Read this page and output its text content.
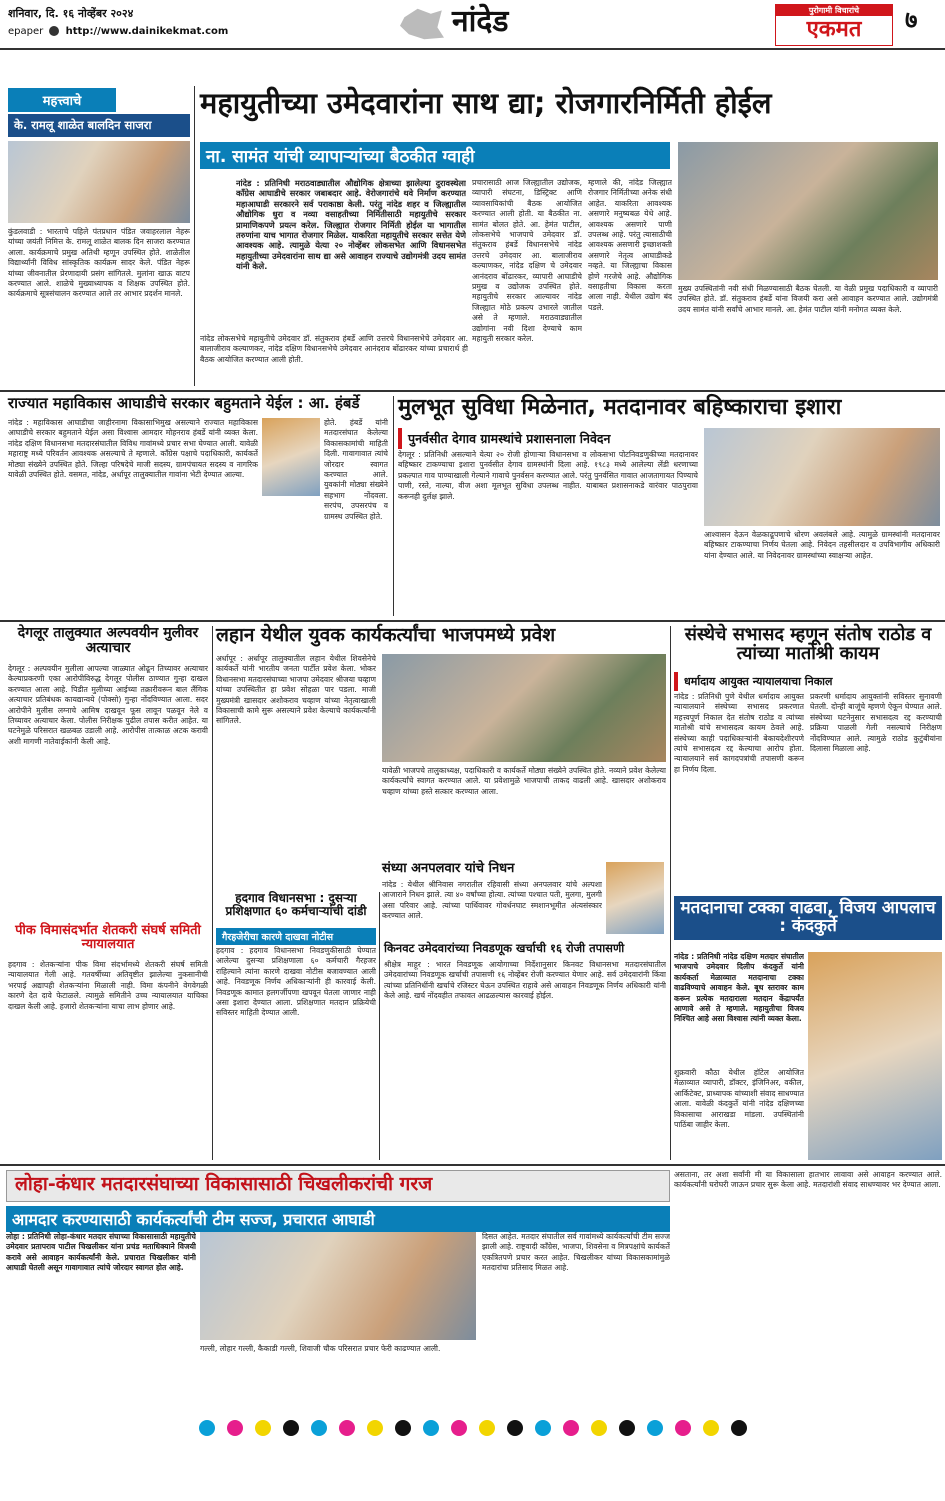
शनिवार, दि. १६ नोव्हेंबर २०२४
epaper http://www.dainikekmat.com	नांदेड	पुरोगामी विचारांचे
एकमत	७
महत्त्वाचे
के. रामलू शाळेत बालदिन साजरा
कुंडलवाडी : भारताचे पहिले पंतप्रधान पंडित जवाहरलाल नेहरू यांच्या जयंती निमित्त के. रामलू शाळेत बालक दिन साजरा करण्यात आला. कार्यक्रमाचे प्रमुख अतिथी म्हणून उपस्थित होते. शाळेतील विद्यार्थ्यांनी विविध सांस्कृतिक कार्यक्रम सादर केले. पंडित नेहरू यांच्या जीवनातील प्रेरणादायी प्रसंग सांगितले. मुलांना खाऊ वाटप करण्यात आले. शाळेचे मुख्याध्यापक व शिक्षक उपस्थित होते. कार्यक्रमाचे सूत्रसंचालन करण्यात आले तर आभार प्रदर्शन मानले.
महायुतीच्या उमेदवारांना साथ द्या; रोजगारनिर्मिती होईल
ना. सामंत यांची व्यापाऱ्यांच्या बैठकीत ग्वाही
नांदेड : प्रतिनिधी मराठवाड्यातील औद्योगिक क्षेत्राच्या झालेल्या दुरावस्थेला काँग्रेस आघाडीचे सरकार जबाबदार आहे. वेरोजगारांचे थवे निर्माण करण्यात महाआघाडी सरकारने सर्व पराकाष्ठा केली. परंतु नांदेड शहर व जिल्ह्यातील औद्योगिक धुरा व नव्या वसाहतीच्या निर्मितीसाठी महायुतीचे सरकार प्रामाणिकपणे प्रयत्न करेल. जिल्ह्यात रोजगार निर्मिती होईल या भागातील तरुणांना याच भागात रोजगार मिळेल. याकरिता महायुतीचे सरकार सत्तेत येणे आवश्यक आहे. त्यामुळे येत्या २० नोव्हेंबर लोकसभेत आणि विधानसभेत महायुतीच्या उमेदवारांना साथ द्या असे आवाहन राज्याचे उद्योगमंत्री उदय सामंत यांनी केले.
प्रचारासाठी आज जिल्ह्यातील उद्योजक, व्यापारी संघटना, डिस्ट्रिक्ट आणि व्यावसायिकांची बैठक आयोजित करण्यात आली होती. या बैठकीत ना. सामंत बोलत होते. आ. हेमंत पाटील, लोकसभेचे भाजपाचे उमेदवार डॉ. संतुकराव हंबर्डे विधानसभेचे नांदेड उत्तरचे उमेदवार आ. बालाजीराव कल्याणकर, नांदेड दक्षिण चे उमेदवार आनंदराव बोंढारकर, व्यापारी आघाडीचे प्रमुख व उद्योजक उपस्थित होते. महायुतीचे सरकार आल्यावर नांदेड जिल्ह्यात मोठे प्रकल्प उभारले जातील असे ते म्हणाले. मराठवाड्यातील उद्योगांना नवी दिशा देण्याचे काम महायुती सरकार करेल.
म्हणाले की, नांदेड जिल्ह्यात रोजगार निर्मितीच्या अनेक संधी आहेत. याकरिता आवश्यक असणारे मनुष्यबळ येथे आहे. आवश्यक असणारे पाणी उपलब्ध आहे. परंतु त्यासाठीची आवश्यक असणारी इच्छाशक्ती असणारे नेतृत्व आघाडीकडे नव्हते. या जिल्ह्याचा विकास होणे गरजेचे आहे. औद्योगिक वसाहतीचा विकास करता आला नाही. येथील उद्योग बंद पडले.
नांदेड लोकसभेचे महायुतीचे उमेदवार डॉ. संतुकराव हंबर्डे आणि उत्तरचे विधानसभेचे उमेदवार आ. बालाजीराव कल्याणकर, नांदेड दक्षिण विधानसभेचे उमेदवार आनंदराव बोंढारकर यांच्या प्रचारार्थ ही बैठक आयोजित करण्यात आली होती.
मुख्य उपस्थितांनी नवी संधी मिळण्यासाठी बैठक घेतली. या वेळी प्रमुख पदाधिकारी व व्यापारी उपस्थित होते. डॉ. संतुकराव हंबर्डे यांना विजयी करा असे आवाहन करण्यात आले. उद्योगमंत्री उदय सामंत यांनी सर्वांचे आभार मानले. आ. हेमंत पाटील यांनी मनोगत व्यक्त केले.
राज्यात महाविकास आघाडीचे सरकार बहुमताने येईल : आ. हंबर्डे
नांदेड : महाविकास आघाडीचा जाहीरनामा विकासाभिमुख असल्याने राज्यात महाविकास आघाडीचे सरकार बहुमताने येईल असा विश्वास आमदार मोहनराव हंबर्डे यांनी व्यक्त केला. नांदेड दक्षिण विधानसभा मतदारसंघातील विविध गावांमध्ये प्रचार सभा घेण्यात आली. यावेळी महाराष्ट्र मध्ये परिवर्तन आवश्यक असल्याचे ते म्हणाले. काँग्रेस पक्षाचे पदाधिकारी, कार्यकर्ते मोठ्या संख्येने उपस्थित होते. जिल्हा परिषदेचे माजी सदस्य, ग्रामपंचायत सदस्य व नागरिक यावेळी उपस्थित होते. वसमत, नांदेड, अर्धापूर तालुक्यातील गावांना भेटी देण्यात आल्या.
होते. हंबर्डे यांनी मतदारसंघात केलेल्या विकासकामांची माहिती दिली. गावागावात त्यांचे जोरदार स्वागत करण्यात आले. युवकांनी मोठ्या संख्येने सहभाग नोंदवला. सरपंच, उपसरपंच व ग्रामस्थ उपस्थित होते.
मुलभूत सुविधा मिळेनात, मतदानावर बहिष्काराचा इशारा
पुनर्वसीत देगाव ग्रामस्थांचे प्रशासनाला निवेदन
देगलूर : प्रतिनिधी असल्याने येत्या २० रोजी होणाऱ्या विधानसभा व लोकसभा पोटनिवडणुकीच्या मतदानावर बहिष्कार टाकण्याचा इशारा पुनर्वसीत देगाव ग्रामस्थांनी दिला आहे. १९८३ मध्ये आलेल्या लेंडी धरणाच्या प्रकल्पात गाव पाण्याखाली गेल्याने गावाचे पुनर्वसन करण्यात आले. परंतु पुनर्वसित गावात आजतागायत पिण्याचे पाणी, रस्ते, नाल्या, वीज अशा मूलभूत सुविधा उपलब्ध नाहीत. याबाबत प्रशासनाकडे वारंवार पाठपुरावा करूनही दुर्लक्ष झाले.
आश्वासन देऊन वेळकाढूपणाचे धोरण अवलंबले आहे. त्यामुळे ग्रामस्थांनी मतदानावर बहिष्कार टाकण्याचा निर्णय घेतला आहे. निवेदन तहसीलदार व उपविभागीय अधिकारी यांना देण्यात आले. या निवेदनावर ग्रामस्थांच्या स्वाक्षऱ्या आहेत.
देगलूर तालुक्यात अल्पवयीन मुलीवर अत्याचार
देगलूर : अल्पवयीन मुलीला आपल्या जाळ्यात ओढून तिच्यावर अत्याचार केल्याप्रकरणी एका आरोपीविरुद्ध देगलूर पोलीस ठाण्यात गुन्हा दाखल करण्यात आला आहे. पिडीत मुलीच्या आईच्या तक्रारीवरून बाल लैंगिक अत्याचार प्रतिबंधक कायद्यान्वये (पोक्सो) गुन्हा नोंदविण्यात आला. सदर आरोपीने मुलीस लग्नाचे आमिष दाखवून फूस लावून पळवून नेले व तिच्यावर अत्याचार केला. पोलीस निरीक्षक पुढील तपास करीत आहेत. या घटनेमुळे परिसरात खळबळ उडाली आहे. आरोपीस तात्काळ अटक करावी अशी मागणी नातेवाईकांनी केली आहे.
पीक विमासंदर्भात शेतकरी संघर्ष समिती न्यायालयात
हदगाव : शेतकऱ्यांना पीक विमा संदर्भामध्ये शेतकरी संघर्ष समिती न्यायालयात गेली आहे. गतवर्षीच्या अतिवृष्टीत झालेल्या नुकसानीची भरपाई अद्यापही शेतकऱ्यांना मिळाली नाही. विमा कंपनीने वेगवेगळी कारणे देत दावे फेटाळले. त्यामुळे समितीने उच्च न्यायालयात याचिका दाखल केली आहे. हजारो शेतकऱ्यांना याचा लाभ होणार आहे.
लहान येथील युवक कार्यकर्त्यांचा भाजपमध्ये प्रवेश
अर्धापूर : अर्धापूर तालुक्यातील लहान येथील शिवसेनेचे कार्यकर्ते यांनी भारतीय जनता पार्टीत प्रवेश केला. भोकर विधानसभा मतदारसंघाच्या भाजपा उमेदवार श्रीजया चव्हाण यांच्या उपस्थितीत हा प्रवेश सोहळा पार पडला. माजी मुख्यमंत्री खासदार अशोकराव चव्हाण यांच्या नेतृत्वाखाली विकासाची कामे सुरू असल्याने प्रवेश केल्याचे कार्यकर्त्यांनी सांगितले.
यावेळी भाजपचे तालुकाध्यक्ष, पदाधिकारी व कार्यकर्ते मोठ्या संख्येने उपस्थित होते. नव्याने प्रवेश केलेल्या कार्यकर्त्यांचे स्वागत करण्यात आले. या प्रवेशामुळे भाजपाची ताकद वाढली आहे. खासदार अशोकराव चव्हाण यांच्या हस्ते सत्कार करण्यात आला.
संध्या अनपलवार यांचे निधन
नांदेड : येथील श्रीनिवास नगरातील रहिवासी संध्या अनपलवार यांचे अल्पशा आजाराने निधन झाले. त्या ४० वर्षांच्या होत्या. त्यांच्या पश्चात पती, मुलगा, मुलगी असा परिवार आहे. त्यांच्या पार्थिवावर गोवर्धनघाट स्मशानभूमीत अंत्यसंस्कार करण्यात आले.
हदगाव विधानसभा : दुसऱ्या प्रशिक्षणात ६० कर्मचाऱ्यांची दांडी
गैरहजेरीचा कारणे दाखवा नोटीस
हदगाव : हदगाव विधानसभा निवडणुकीसाठी घेण्यात आलेल्या दुसऱ्या प्रशिक्षणाला ६० कर्मचारी गैरहजर राहिल्याने त्यांना कारणे दाखवा नोटीस बजावण्यात आली आहे. निवडणूक निर्णय अधिकाऱ्यांनी ही कारवाई केली. निवडणूक कामात हलगर्जीपणा खपवून घेतला जाणार नाही असा इशारा देण्यात आला. प्रशिक्षणात मतदान प्रक्रियेची सविस्तर माहिती देण्यात आली.
किनवट उमेदवारांच्या निवडणूक खर्चाची १६ रोजी तपासणी
श्रीक्षेत्र माहूर : भारत निवडणूक आयोगाच्या निर्देशानुसार किनवट विधानसभा मतदारसंघातील उमेदवारांच्या निवडणूक खर्चाची तपासणी १६ नोव्हेंबर रोजी करण्यात येणार आहे. सर्व उमेदवारांनी किंवा त्यांच्या प्रतिनिधींनी खर्चाचे रजिस्टर घेऊन उपस्थित राहावे असे आवाहन निवडणूक निर्णय अधिकारी यांनी केले आहे. खर्च नोंदवहीत तफावत आढळल्यास कारवाई होईल.
संस्थेचे सभासद म्हणून संतोष राठोड व त्यांच्या मातोश्री कायम
धर्मादाय आयुक्त न्यायालयाचा निकाल
नांदेड : प्रतिनिधी पुणे येथील धर्मादाय आयुक्त न्यायालयाने संस्थेच्या सभासद प्रकरणात महत्त्वपूर्ण निकाल देत संतोष राठोड व त्यांच्या मातोश्री यांचे सभासदत्व कायम ठेवले आहे. संस्थेच्या काही पदाधिकाऱ्यांनी बेकायदेशीरपणे त्यांचे सभासदत्व रद्द केल्याचा आरोप होता. न्यायालयाने सर्व कागदपत्रांची तपासणी करून हा निर्णय दिला.
प्रकरणी धर्मादाय आयुक्तांनी सविस्तर सुनावणी घेतली. दोन्ही बाजूंचे म्हणणे ऐकून घेण्यात आले. संस्थेच्या घटनेनुसार सभासदत्व रद्द करण्याची प्रक्रिया पाळली गेली नसल्याचे निरीक्षण नोंदविण्यात आले. त्यामुळे राठोड कुटुंबीयांना दिलासा मिळाला आहे.
मतदानाचा टक्का वाढवा, विजय आपलाच : कंदकुर्ते
नांदेड : प्रतिनिधी नांदेड दक्षिण मतदार संघातील भाजपाचे उमेदवार दिलीप कंदकुर्ते यांनी कार्यकर्ता मेळाव्यात मतदानाचा टक्का वाढविण्याचे आवाहन केले. बूथ स्तरावर काम करून प्रत्येक मतदाराला मतदान केंद्रापर्यंत आणावे असे ते म्हणाले. महायुतीचा विजय निश्चित आहे असा विश्वास त्यांनी व्यक्त केला.
शुक्रवारी कौठा येथील हॉटेल आयोजित मेळाव्यात व्यापारी, डॉक्टर, इंजिनिअर, वकील, आर्किटेक्ट, प्राध्यापक यांच्याशी संवाद साधण्यात आला. यावेळी कंदकुर्ते यांनी नांदेड दक्षिणच्या विकासाचा आराखडा मांडला. उपस्थितांनी पाठिंबा जाहीर केला.
लोहा-कंधार मतदारसंघाच्या विकासासाठी चिखलीकरांची गरज
आमदार करण्यासाठी कार्यकर्त्यांची टीम सज्ज, प्रचारात आघाडी
लोहा : प्रतिनिधी लोहा-कंधार मतदार संघाच्या विकासासाठी महायुतीचे उमेदवार प्रतापराव पाटील चिखलीकर यांना प्रचंड मताधिक्याने विजयी करावे असे आवाहन कार्यकर्त्यांनी केले. प्रचारात चिखलीकर यांनी आघाडी घेतली असून गावागावात त्यांचे जोरदार स्वागत होत आहे.
गल्ली, लोहार गल्ली, कैकाडी गल्ली, शिवाजी चौक परिसरात प्रचार फेरी काढण्यात आली.
दिसत आहेत. मतदार संघातील सर्व गावांमध्ये कार्यकर्त्यांची टीम सज्ज झाली आहे. राष्ट्रवादी काँग्रेस, भाजपा, शिवसेना व मित्रपक्षांचे कार्यकर्ते एकत्रितपणे प्रचार करत आहेत. चिखलीकर यांच्या विकासकामांमुळे मतदारांचा प्रतिसाद मिळत आहे.
असताना, तर अशा सर्वांनी मी या विकासाला हातभार लावावा असे आवाहन करण्यात आले. कार्यकर्त्यांनी घरोघरी जाऊन प्रचार सुरू केला आहे. मतदारांशी संवाद साधण्यावर भर देण्यात आला.
